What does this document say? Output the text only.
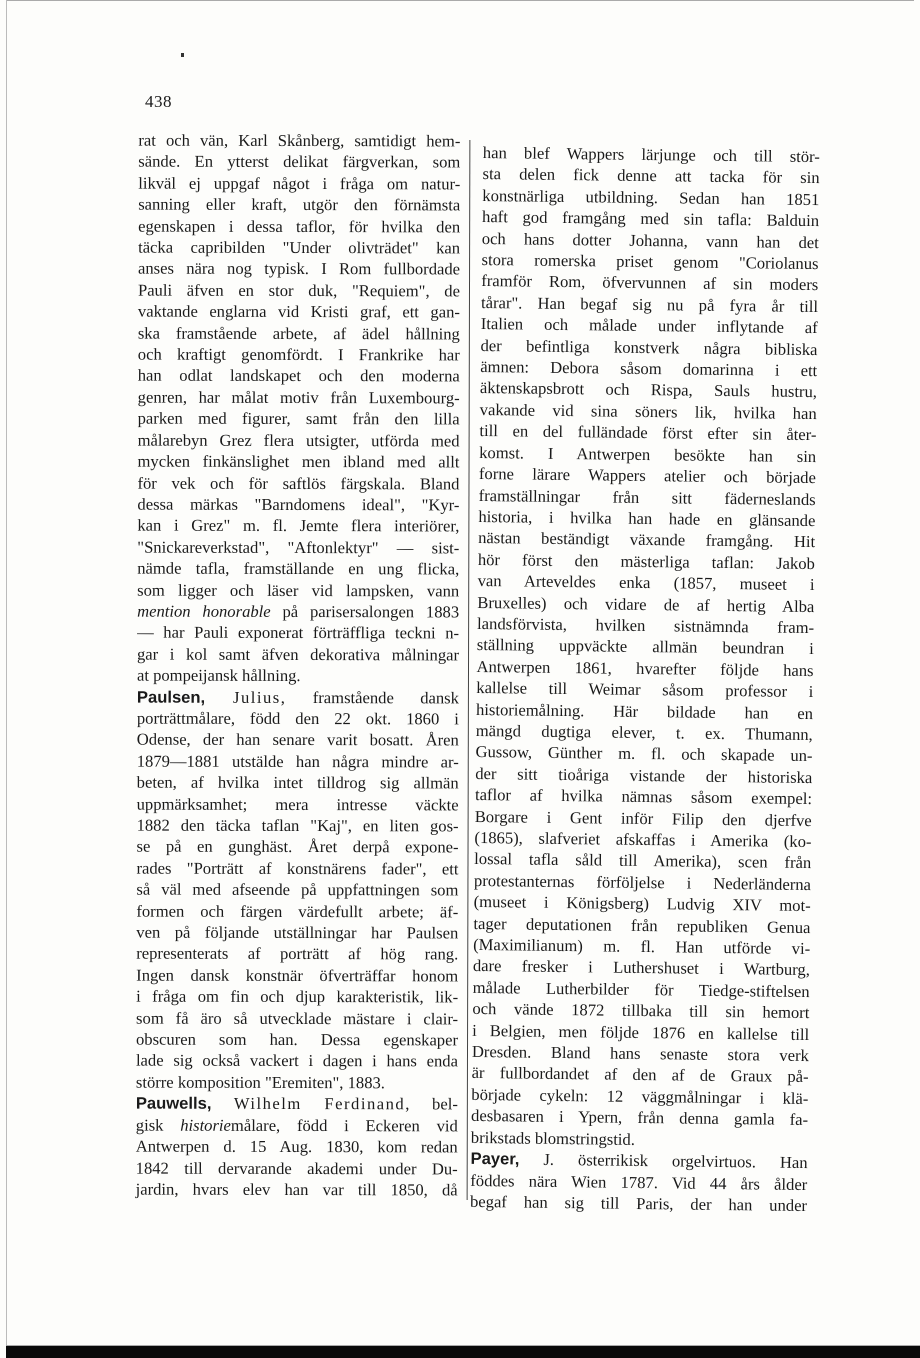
438
rat och vän, Karl Skånberg, samtidigt hem-
sände. En ytterst delikat färgverkan, som
likväl ej uppgaf något i fråga om natur-
sanning eller kraft, utgör den förnämsta
egenskapen i dessa taflor, för hvilka den
täcka capribilden "Under olivträdet" kan
anses nära nog typisk. I Rom fullbordade
Pauli äfven en stor duk, "Requiem", de
vaktande englarna vid Kristi graf, ett gan-
ska framstående arbete, af ädel hållning
och kraftigt genomfördt. I Frankrike har
han odlat landskapet och den moderna
genren, har målat motiv från Luxembourg-
parken med figurer, samt från den lilla
målarebyn Grez flera utsigter, utförda med
mycken finkänslighet men ibland med allt
för vek och för saftlös färgskala. Bland
dessa märkas "Barndomens ideal", "Kyr-
kan i Grez" m. fl. Jemte flera interiörer,
"Snickareverkstad", "Aftonlektyr" — sist-
nämde tafla, framställande en ung flicka,
som ligger och läser vid lampsken, vann
mention honorable på parisersalongen 1883
— har Pauli exponerat förträffliga teckni n-
gar i kol samt äfven dekorativa målningar
at pompeijansk hållning.
Paulsen, Julius, framstående dansk
porträttmålare, född den 22 okt. 1860 i
Odense, der han senare varit bosatt. Åren
1879—1881 utstälde han några mindre ar-
beten, af hvilka intet tilldrog sig allmän
uppmärksamhet; mera intresse väckte
1882 den täcka taflan "Kaj", en liten gos-
se på en gunghäst. Året derpå expone-
rades "Porträtt af konstnärens fader", ett
så väl med afseende på uppfattningen som
formen och färgen värdefullt arbete; äf-
ven på följande utställningar har Paulsen
representerats af porträtt af hög rang.
Ingen dansk konstnär öfverträffar honom
i fråga om fin och djup karakteristik, lik-
som få äro så utvecklade mästare i clair-
obscuren som han. Dessa egenskaper
lade sig också vackert i dagen i hans enda
större komposition "Eremiten", 1883.
Pauwells, Wilhelm Ferdinand, bel-
gisk historiemålare, född i Eckeren vid
Antwerpen d. 15 Aug. 1830, kom redan
1842 till dervarande akademi under Du-
jardin, hvars elev han var till 1850, då
han blef Wappers lärjunge och till stör-
sta delen fick denne att tacka för sin
konstnärliga utbildning. Sedan han 1851
haft god framgång med sin tafla: Balduin
och hans dotter Johanna, vann han det
stora romerska priset genom "Coriolanus
framför Rom, öfvervunnen af sin moders
tårar". Han begaf sig nu på fyra år till
Italien och målade under inflytande af
der befintliga konstverk några bibliska
ämnen: Debora såsom domarinna i ett
äktenskapsbrott och Rispa, Sauls hustru,
vakande vid sina söners lik, hvilka han
till en del fulländade först efter sin åter-
komst. I Antwerpen besökte han sin
forne lärare Wappers atelier och började
framställningar från sitt fäderneslands
historia, i hvilka han hade en glänsande
nästan beständigt växande framgång. Hit
hör först den mästerliga taflan: Jakob
van Arteveldes enka (1857, museet i
Bruxelles) och vidare de af hertig Alba
landsförvista, hvilken sistnämnda fram-
ställning uppväckte allmän beundran i
Antwerpen 1861, hvarefter följde hans
kallelse till Weimar såsom professor i
historiemålning. Här bildade han en
mängd dugtiga elever, t. ex. Thumann,
Gussow, Günther m. fl. och skapade un-
der sitt tioåriga vistande der historiska
taflor af hvilka nämnas såsom exempel:
Borgare i Gent inför Filip den djerfve
(1865), slafveriet afskaffas i Amerika (ko-
lossal tafla såld till Amerika), scen från
protestanternas förföljelse i Nederländerna
(museet i Königsberg) Ludvig XIV mot-
tager deputationen från republiken Genua
(Maximilianum) m. fl. Han utförde vi-
dare fresker i Luthershuset i Wartburg,
målade Lutherbilder för Tiedge-stiftelsen
och vände 1872 tillbaka till sin hemort
i Belgien, men följde 1876 en kallelse till
Dresden. Bland hans senaste stora verk
är fullbordandet af den af de Graux på-
började cykeln: 12 väggmålningar i klä-
desbasaren i Ypern, från denna gamla fa-
brikstads blomstringstid.
Payer, J. österrikisk orgelvirtuos. Han
föddes nära Wien 1787. Vid 44 års ålder
begaf han sig till Paris, der han under
